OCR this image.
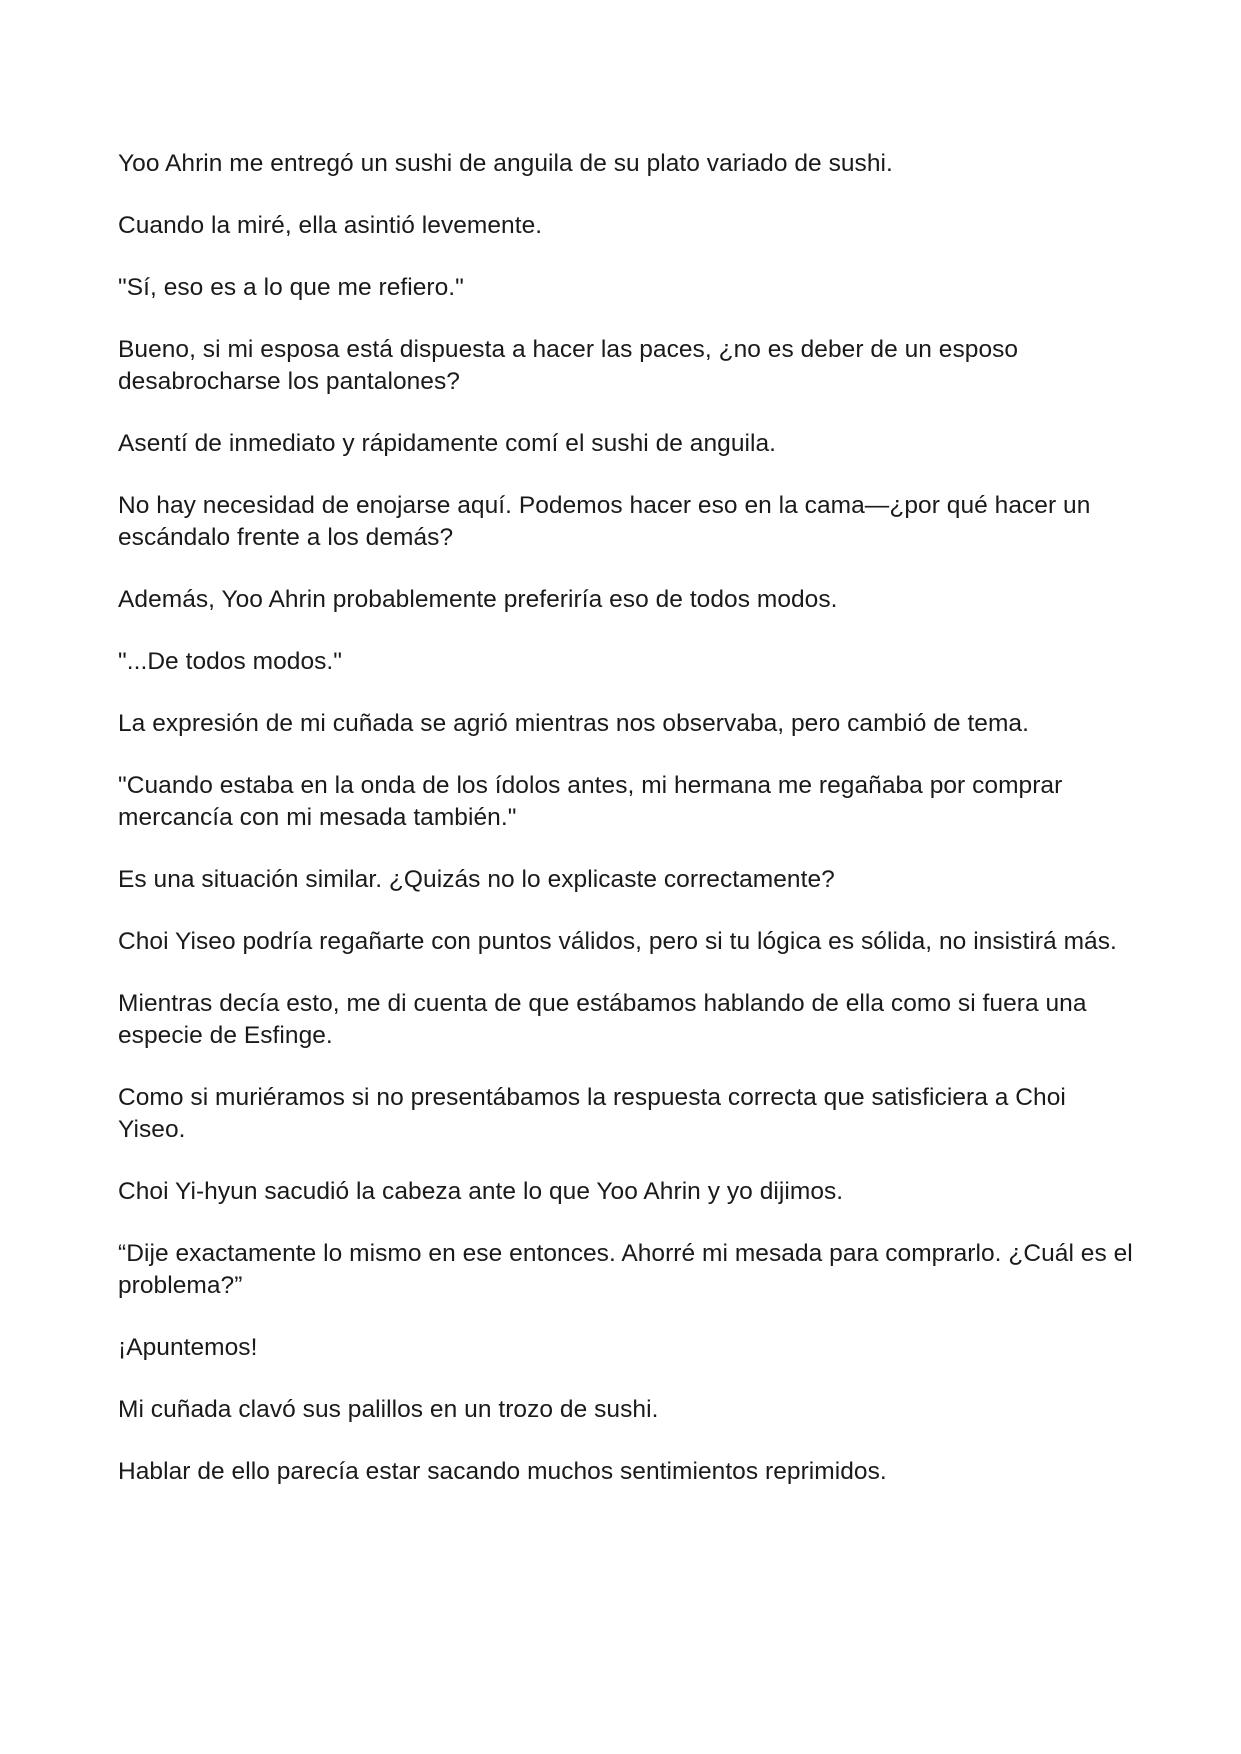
Yoo Ahrin me entregó un sushi de anguila de su plato variado de sushi.

Cuando la miré, ella asintió levemente.

"Sí, eso es a lo que me refiero."

Bueno, si mi esposa está dispuesta a hacer las paces, ¿no es deber de un esposo desabrocharse los pantalones?

Asentí de inmediato y rápidamente comí el sushi de anguila.

No hay necesidad de enojarse aquí. Podemos hacer eso en la cama—¿por qué hacer un escándalo frente a los demás?

Además, Yoo Ahrin probablemente preferiría eso de todos modos.

"...De todos modos."

La expresión de mi cuñada se agrió mientras nos observaba, pero cambió de tema.

"Cuando estaba en la onda de los ídolos antes, mi hermana me regañaba por comprar mercancía con mi mesada también."

Es una situación similar. ¿Quizás no lo explicaste correctamente?

Choi Yiseo podría regañarte con puntos válidos, pero si tu lógica es sólida, no insistirá más.

Mientras decía esto, me di cuenta de que estábamos hablando de ella como si fuera una especie de Esfinge.

Como si muriéramos si no presentábamos la respuesta correcta que satisficiera a Choi Yiseo.

Choi Yi-hyun sacudió la cabeza ante lo que Yoo Ahrin y yo dijimos.

“Dije exactamente lo mismo en ese entonces. Ahorré mi mesada para comprarlo. ¿Cuál es el problema?”

¡Apuntemos!

Mi cuñada clavó sus palillos en un trozo de sushi.

Hablar de ello parecía estar sacando muchos sentimientos reprimidos.
